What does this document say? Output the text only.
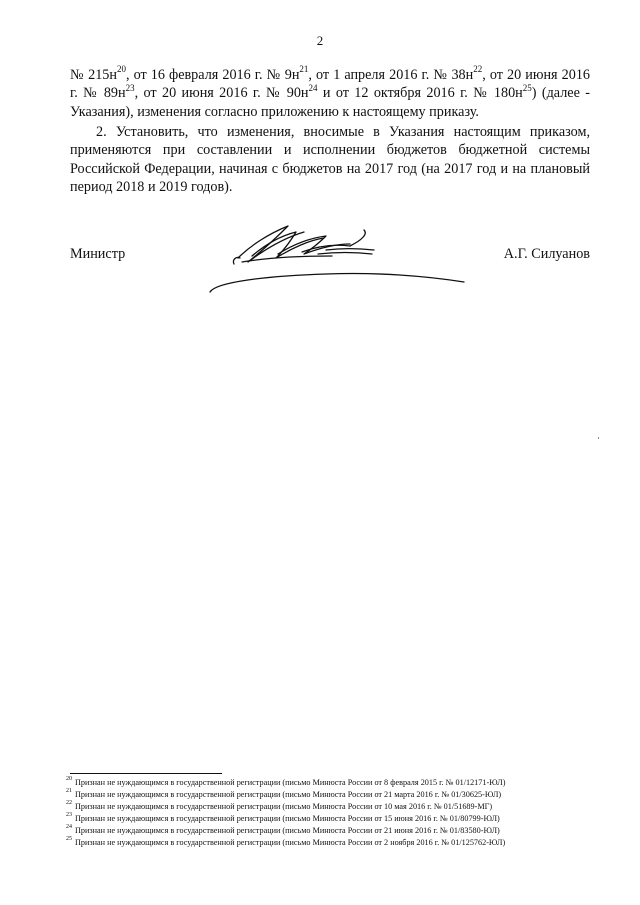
2
№ $215н^{20}$, от 16 февраля 2016 г. № $9н^{21}$, от 1 апреля 2016 г. № $38н^{22}$, от 20 июня 2016 г. № $89н^{23}$, от 20 июня 2016 г. № $90н^{24}$ и от 12 октября 2016 г. № $180н^{25}$) (далее - Указания), изменения согласно приложению к настоящему приказу.
2. Установить, что изменения, вносимые в Указания настоящим приказом, применяются при составлении и исполнении бюджетов бюджетной системы Российской Федерации, начиная с бюджетов на 2017 год (на 2017 год и на плановый период 2018 и 2019 годов).
Министр	А.Г. Силуанов
$^{20}$ Признан не нуждающимся в государственной регистрации (письмо Минюста России от 8 февраля 2015 г. № 01/12171-ЮЛ)
$^{21}$ Признан не нуждающимся в государственной регистрации (письмо Минюста России от 21 марта 2016 г. № 01/30625-ЮЛ)
$^{22}$ Признан не нуждающимся в государственной регистрации (письмо Минюста России от 10 мая 2016 г. № 01/51689-МГ)
$^{23}$ Признан не нуждающимся в государственной регистрации (письмо Минюста России от 15 июня 2016 г. № 01/80799-ЮЛ)
$^{24}$ Признан не нуждающимся в государственной регистрации (письмо Минюста России от 21 июня 2016 г. № 01/83580-ЮЛ)
$^{25}$ Признан не нуждающимся в государственной регистрации (письмо Минюста России от 2 ноября 2016 г. № 01/125762-ЮЛ)
